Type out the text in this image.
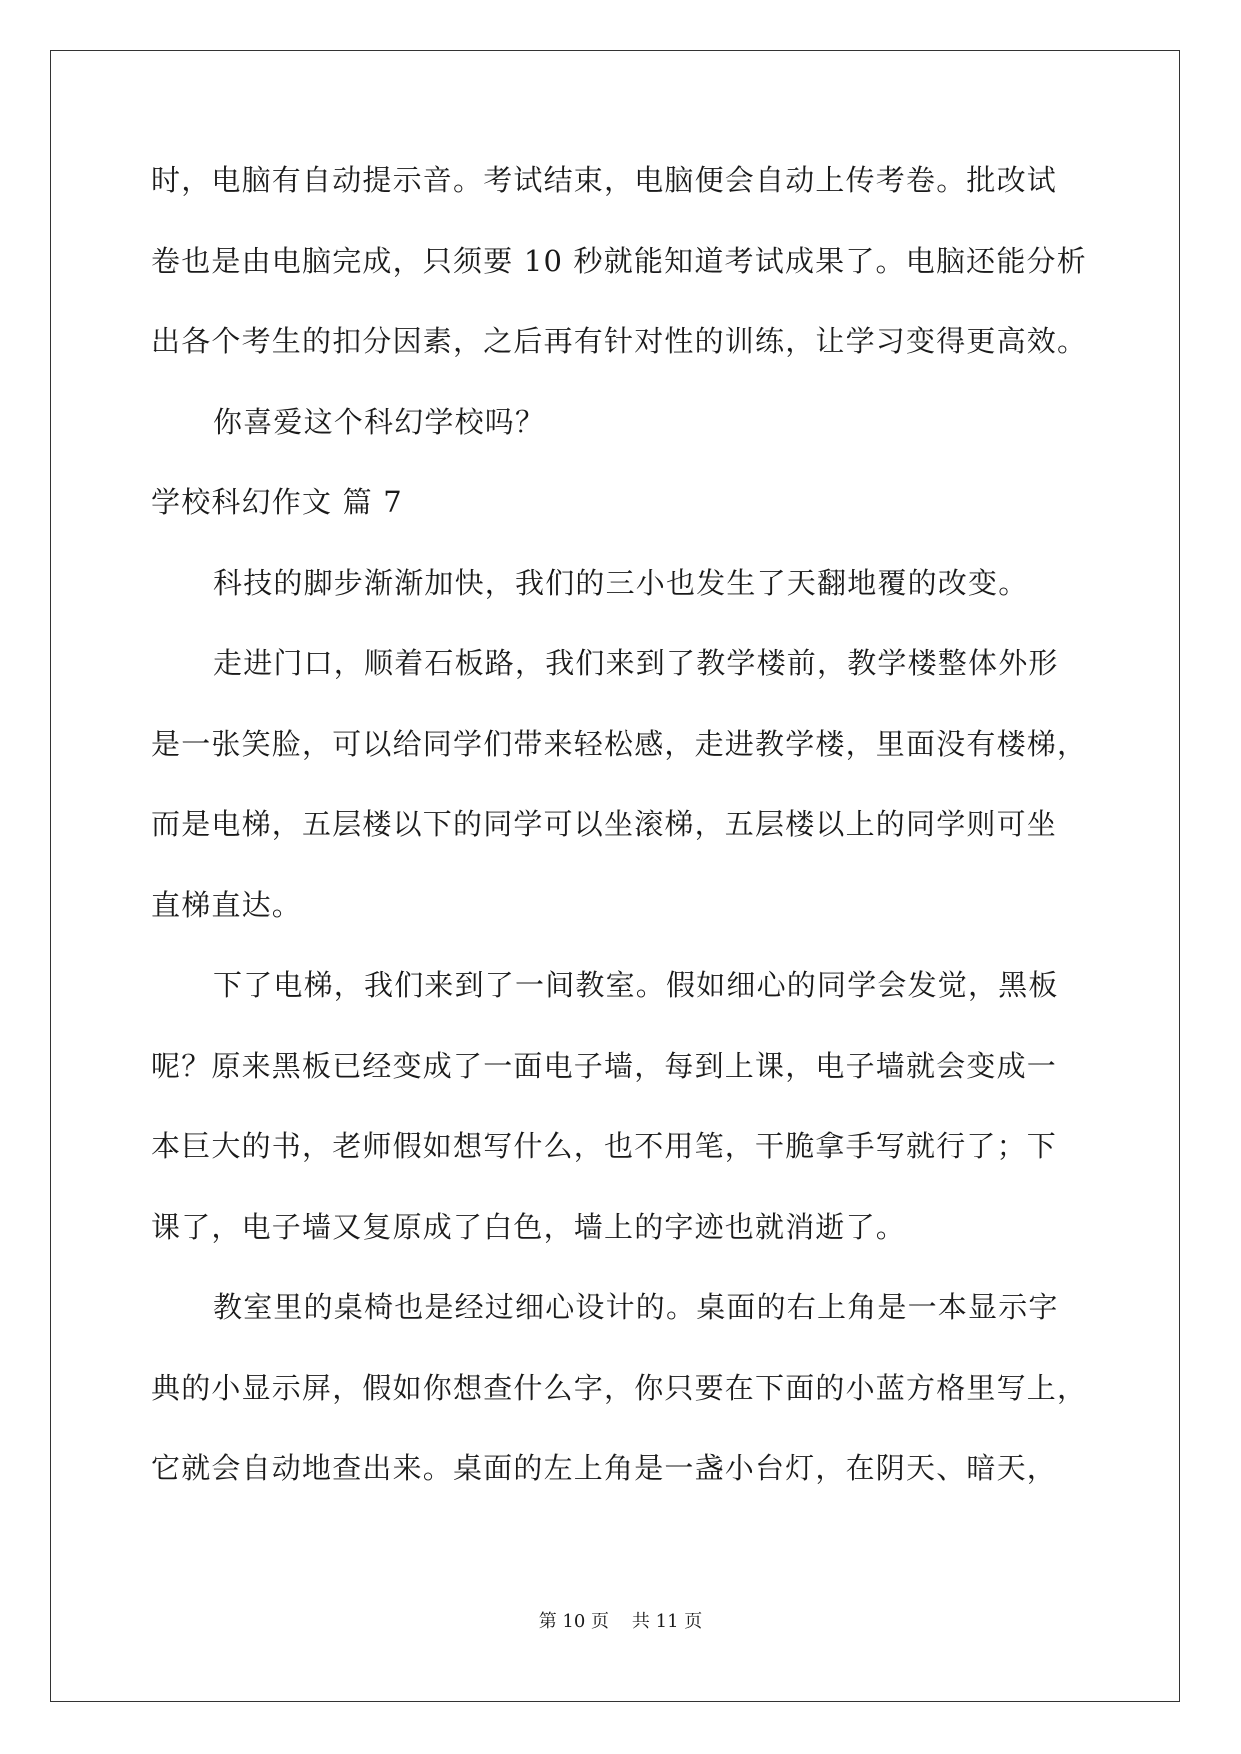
时，电脑有自动提示音。考试结束，电脑便会自动上传考卷。批改试
卷也是由电脑完成，只须要 10 秒就能知道考试成果了。电脑还能分析
出各个考生的扣分因素，之后再有针对性的训练，让学习变得更高效。
你喜爱这个科幻学校吗？
学校科幻作文 篇 7
科技的脚步渐渐加快，我们的三小也发生了天翻地覆的改变。
走进门口，顺着石板路，我们来到了教学楼前，教学楼整体外形
是一张笑脸，可以给同学们带来轻松感，走进教学楼，里面没有楼梯，
而是电梯，五层楼以下的同学可以坐滚梯，五层楼以上的同学则可坐
直梯直达。
下了电梯，我们来到了一间教室。假如细心的同学会发觉，黑板
呢？原来黑板已经变成了一面电子墙，每到上课，电子墙就会变成一
本巨大的书，老师假如想写什么，也不用笔，干脆拿手写就行了；下
课了，电子墙又复原成了白色，墙上的字迹也就消逝了。
教室里的桌椅也是经过细心设计的。桌面的右上角是一本显示字
典的小显示屏，假如你想查什么字，你只要在下面的小蓝方格里写上，
它就会自动地查出来。桌面的左上角是一盏小台灯，在阴天、暗天，
第 10 页    共 11 页
